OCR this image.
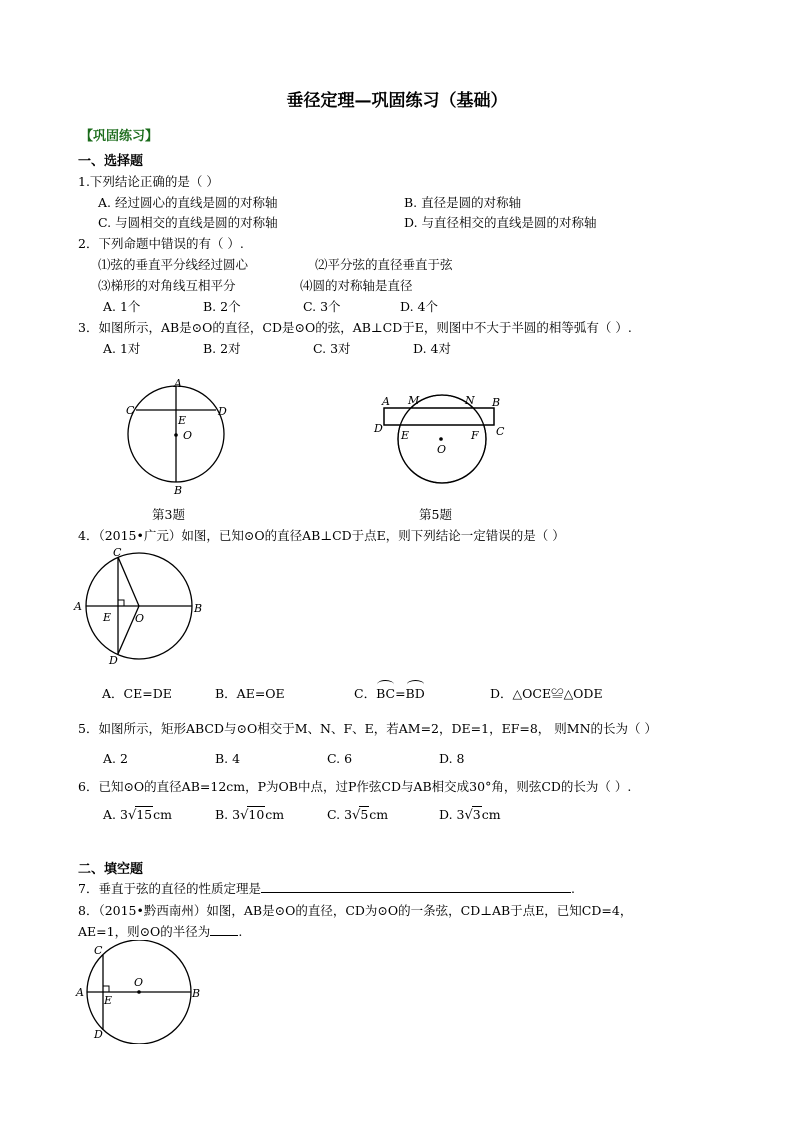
垂径定理—巩固练习（基础）
【巩固练习】
一、选择题
1.下列结论正确的是（ ）
A. 经过圆心的直线是圆的对称轴	B. 直径是圆的对称轴
C. 与圆相交的直线是圆的对称轴	D. 与直径相交的直线是圆的对称轴
2．下列命题中错误的有（ ）.
⑴弦的垂直平分线经过圆心	⑵平分弦的直径垂直于弦
⑶梯形的对角线互相平分	⑷圆的对称轴是直径
A. 1个	B. 2个	C. 3个	D. 4个
3．如图所示，AB是⊙O的直径，CD是⊙O的弦，AB⊥CD于E，则图中不大于半圆的相等弧有（ ）.
A. 1对	B. 2对	C. 3对	D. 4对
A
B
C	D
E
O
第3题
A M	N B
D
E	F C
O
第5题
4．（2015•广元）如图，已知⊙O的直径AB⊥CD于点E，则下列结论一定错误的是（ ）
C
A	B
E O
D
A．CE=DE	B．AE=OE	C．BC=BD	D．△OCE≌△ODE
5．如图所示，矩形ABCD与⊙O相交于M、N、F、E，若AM=2，DE=1，EF=8， 则MN的长为（ ）
A. 2	B. 4	C. 6	D. 8
6．已知⊙O的直径AB=12cm，P为OB中点，过P作弦CD与AB相交成30°角，则弦CD的长为（ ）.
A. 3√15cm	B. 3√10cm	C. 3√5cm	D. 3√3cm
二、填空题
7．垂直于弦的直径的性质定理是	.
8．（2015•黔西南州）如图，AB是⊙O的直径，CD为⊙O的一条弦，CD⊥AB于点E，已知CD=4，
AE=1，则⊙O的半径为 .
C
A	B
E
O
D
